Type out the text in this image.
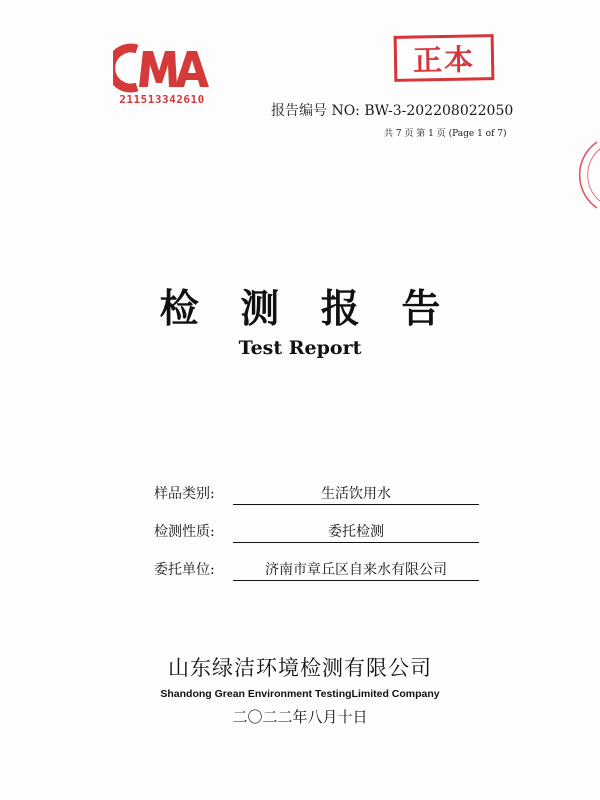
211513342610
正本
报告编号 NO: BW-3-202208022050
共 7 页 第 1 页 (Page 1 of 7)
检 测 报 告
Test Report
样品类别:	生活饮用水
检测性质:	委托检测
委托单位:	济南市章丘区自来水有限公司
山东绿洁环境检测有限公司
Shandong Grean Environment TestingLimited Company
二〇二二年八月十日
